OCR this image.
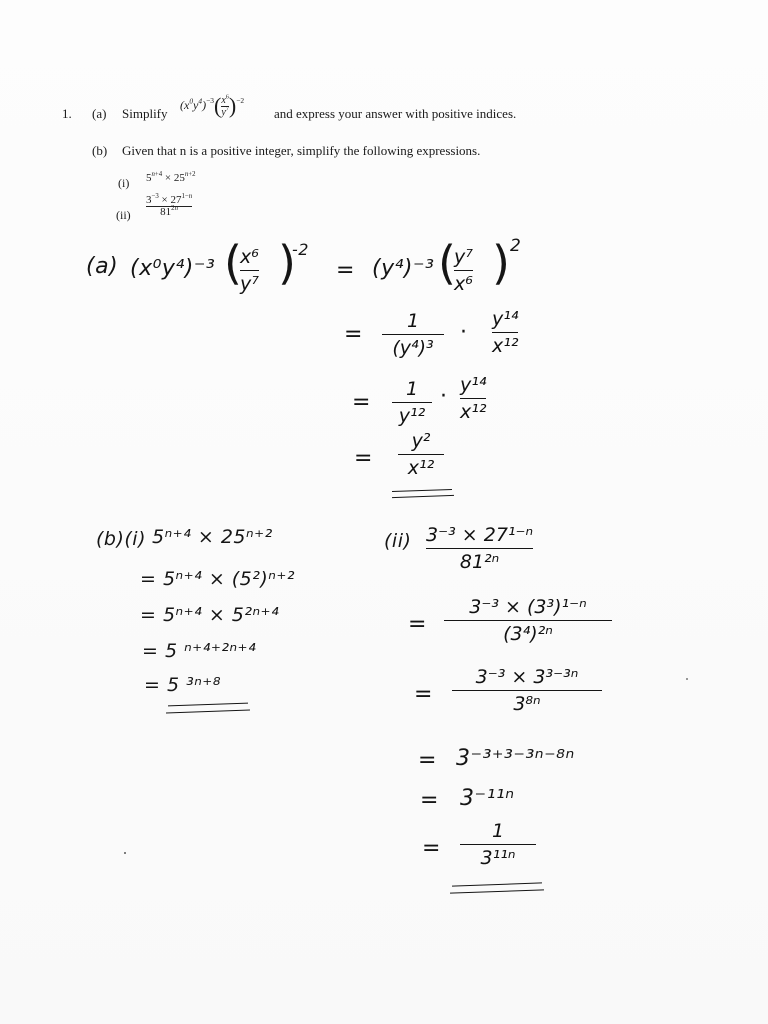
1. (a) Simplify
$(x^0y^4)^{-3}( \frac{x^6}{y^7} )^{-2}$
and express your answer with positive indices.
(b) Given that n is a positive integer, simplify the following expressions.
(i) $5^{n+4} \times 25^{n+2}$
$(ii) \frac{3^{-3} \times 27^{1-n}}{81^{2n}}$
(a) (x⁰y⁴)⁻³ (
x⁶
y⁷ )
-2
= (y⁴)⁻³ (
y⁷
x⁶ ) 2
=
1
(y⁴)³
·
y¹⁴
x¹²
=
1
y¹²
· y¹⁴
x¹²
=
y²
x¹²
(b)(i) 5ⁿ⁺⁴ × 25ⁿ⁺²
= 5ⁿ⁺⁴ × (5²)ⁿ⁺²
= 5ⁿ⁺⁴ × 5²ⁿ⁺⁴
= 5 ⁿ⁺⁴⁺²ⁿ⁺⁴
= 5 ³ⁿ⁺⁸
(ii) 3⁻³ × 27¹⁻ⁿ
81²ⁿ
=
3⁻³ × (3³)¹⁻ⁿ
(3⁴)²ⁿ
=
3⁻³ × 3³⁻³ⁿ
3⁸ⁿ
= 3⁻³⁺³⁻³ⁿ⁻⁸ⁿ
= 3⁻¹¹ⁿ
=
1
3¹¹ⁿ
